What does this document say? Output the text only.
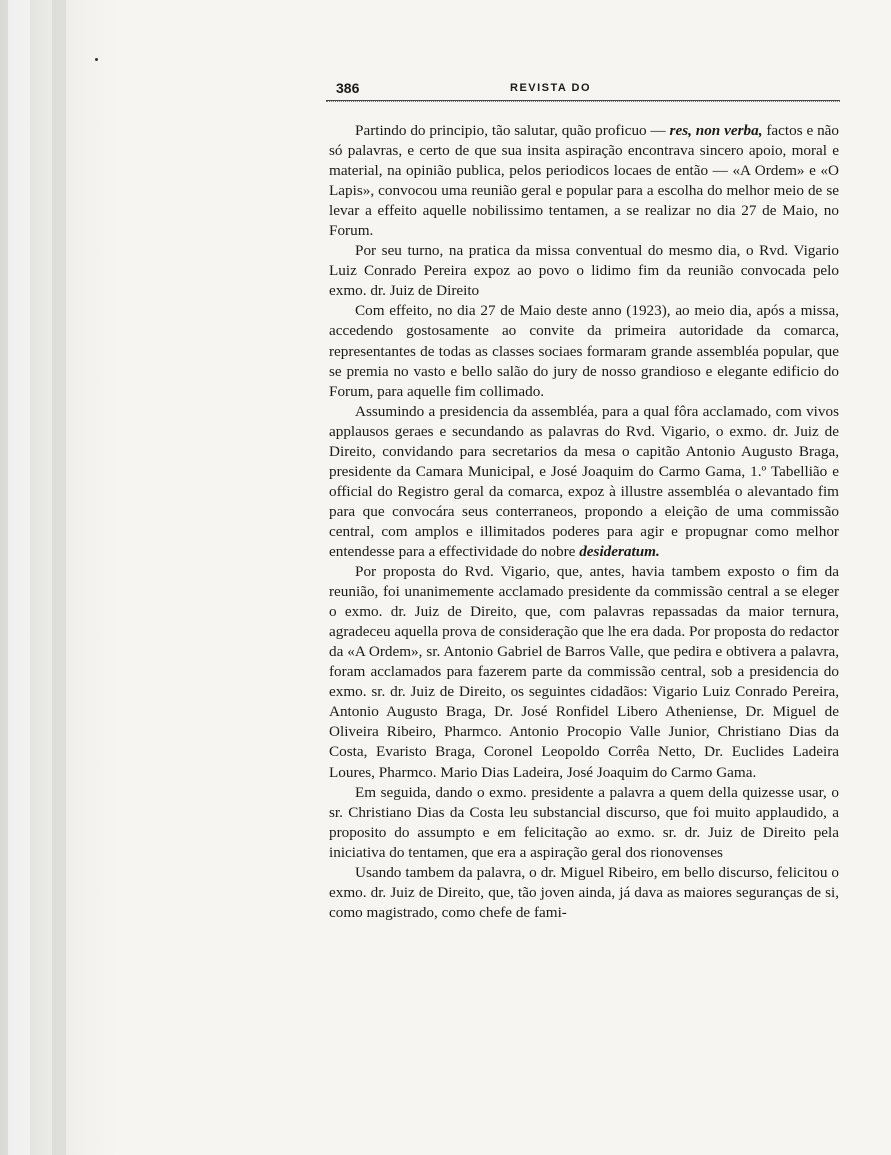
386	REVISTA DO

Partindo do principio, tão salutar, quão proficuo — res, non verba, factos e não só palavras, e certo de que sua insita aspiração encontrava sincero apoio, moral e material, na opinião publica, pelos periodicos locaes de então — «A Ordem» e «O Lapis», convocou uma reunião geral e popular para a escolha do melhor meio de se levar a effeito aquelle nobilissimo tentamen, a se realizar no dia 27 de Maio, no Forum.

Por seu turno, na pratica da missa conventual do mesmo dia, o Rvd. Vigario Luiz Conrado Pereira expoz ao povo o lidimo fim da reunião convocada pelo exmo. dr. Juiz de Direito

Com effeito, no dia 27 de Maio deste anno (1923), ao meio dia, após a missa, accedendo gostosamente ao convite da primeira autoridade da comarca, representantes de todas as classes sociaes formaram grande assembléa popular, que se premia no vasto e bello salão do jury de nosso grandioso e elegante edificio do Forum, para aquelle fim collimado.

Assumindo a presidencia da assembléa, para a qual fôra acclamado, com vivos applausos geraes e secundando as palavras do Rvd. Vigario, o exmo. dr. Juiz de Direito, convidando para secretarios da mesa o capitão Antonio Augusto Braga, presidente da Camara Municipal, e José Joaquim do Carmo Gama, 1.º Tabellião e official do Registro geral da comarca, expoz à illustre assembléa o alevantado fim para que convocára seus conterraneos, propondo a eleição de uma commissão central, com amplos e illimitados poderes para agir e propugnar como melhor entendesse para a effectividade do nobre desideratum.

Por proposta do Rvd. Vigario, que, antes, havia tambem exposto o fim da reunião, foi unanimemente acclamado presidente da commissão central a se eleger o exmo. dr. Juiz de Direito, que, com palavras repassadas da maior ternura, agradeceu aquella prova de consideração que lhe era dada. Por proposta do redactor da «A Ordem», sr. Antonio Gabriel de Barros Valle, que pedira e obtivera a palavra, foram acclamados para fazerem parte da commissão central, sob a presidencia do exmo. sr. dr. Juiz de Direito, os seguintes cidadãos: Vigario Luiz Conrado Pereira, Antonio Augusto Braga, Dr. José Ronfidel Libero Atheniense, Dr. Miguel de Oliveira Ribeiro, Pharmco. Antonio Procopio Valle Junior, Christiano Dias da Costa, Evaristo Braga, Coronel Leopoldo Corrêa Netto, Dr. Euclides Ladeira Loures, Pharmco. Mario Dias Ladeira, José Joaquim do Carmo Gama.

Em seguida, dando o exmo. presidente a palavra a quem della quizesse usar, o sr. Christiano Dias da Costa leu substancial discurso, que foi muito applaudido, a proposito do assumpto e em felicitação ao exmo. sr. dr. Juiz de Direito pela iniciativa do tentamen, que era a aspiração geral dos rionovenses

Usando tambem da palavra, o dr. Miguel Ribeiro, em bello discurso, felicitou o exmo. dr. Juiz de Direito, que, tão joven ainda, já dava as maiores seguranças de si, como magistrado, como chefe de fami-
